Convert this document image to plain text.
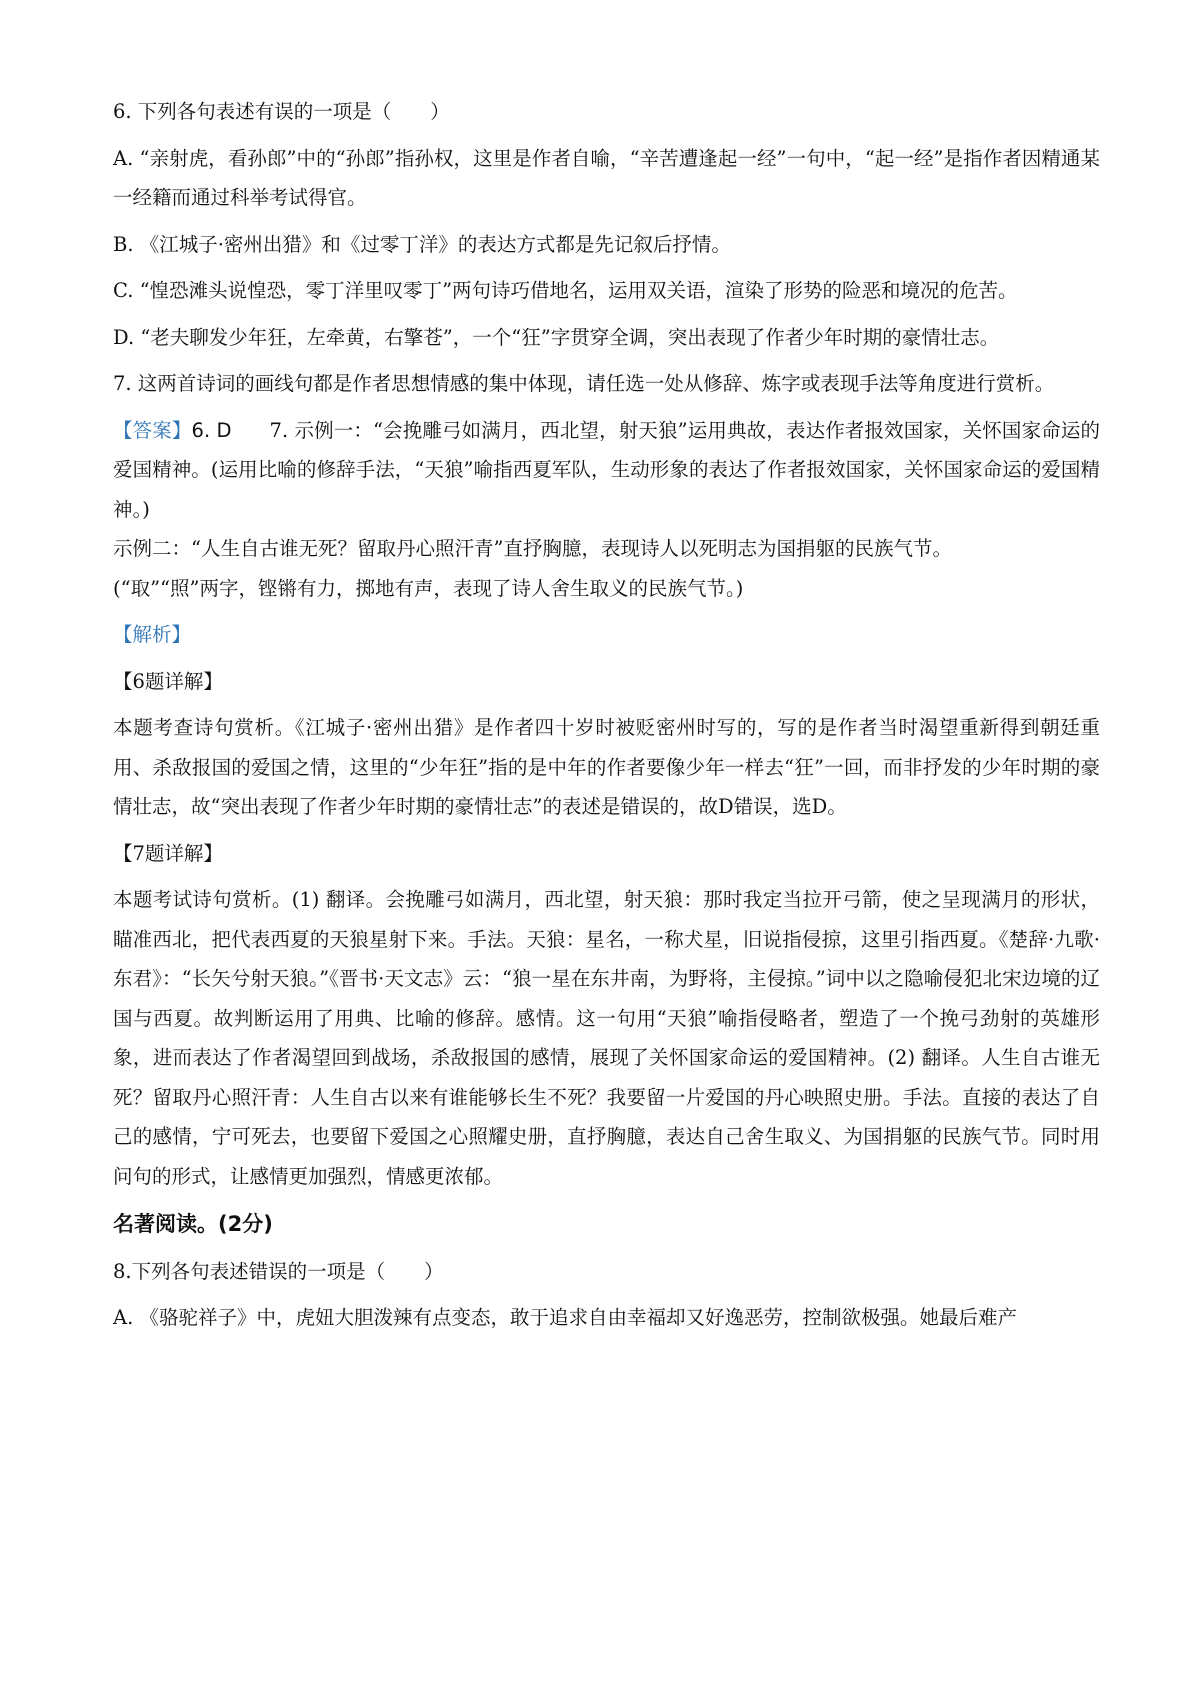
6. 下列各句表述有误的一项是（　　）

A. “亲射虎，看孙郎”中的“孙郎”指孙权，这里是作者自喻，“辛苦遭逢起一经”一句中，“起一经”是指作者因精通某一经籍而通过科举考试得官。

B. 《江城子·密州出猎》和《过零丁洋》的表达方式都是先记叙后抒情。

C. “惶恐滩头说惶恐，零丁洋里叹零丁”两句诗巧借地名，运用双关语，渲染了形势的险恶和境况的危苦。

D. “老夫聊发少年狂，左牵黄，右擎苍”，一个“狂”字贯穿全调，突出表现了作者少年时期的豪情壮志。

7. 这两首诗词的画线句都是作者思想情感的集中体现，请任选一处从修辞、炼字或表现手法等角度进行赏析。

【答案】6. D 7. 示例一：“会挽雕弓如满月，西北望，射天狼”运用典故，表达作者报效国家，关怀国家命运的爱国精神。(运用比喻的修辞手法，“天狼”喻指西夏军队，生动形象的表达了作者报效国家，关怀国家命运的爱国精神。)

示例二：“人生自古谁无死？留取丹心照汗青”直抒胸臆，表现诗人以死明志为国捐躯的民族气节。

(“取”“照”两字，铿锵有力，掷地有声，表现了诗人舍生取义的民族气节。)

【解析】

【6题详解】

本题考查诗句赏析。《江城子·密州出猎》是作者四十岁时被贬密州时写的，写的是作者当时渴望重新得到朝廷重用、杀敌报国的爱国之情，这里的“少年狂”指的是中年的作者要像少年一样去“狂”一回，而非抒发的少年时期的豪情壮志，故“突出表现了作者少年时期的豪情壮志”的表述是错误的，故D错误，选D。

【7题详解】

本题考试诗句赏析。(1) 翻译。会挽雕弓如满月，西北望，射天狼：那时我定当拉开弓箭，使之呈现满月的形状，瞄准西北，把代表西夏的天狼星射下来。手法。天狼：星名，一称犬星，旧说指侵掠，这里引指西夏。《楚辞·九歌·东君》：“长矢兮射天狼。”《晋书·天文志》云：“狼一星在东井南，为野将，主侵掠。”词中以之隐喻侵犯北宋边境的辽国与西夏。故判断运用了用典、比喻的修辞。感情。这一句用“天狼”喻指侵略者，塑造了一个挽弓劲射的英雄形象，进而表达了作者渴望回到战场，杀敌报国的感情，展现了关怀国家命运的爱国精神。(2) 翻译。人生自古谁无死？留取丹心照汗青：人生自古以来有谁能够长生不死？我要留一片爱国的丹心映照史册。手法。直接的表达了自己的感情，宁可死去，也要留下爱国之心照耀史册，直抒胸臆，表达自己舍生取义、为国捐躯的民族气节。同时用问句的形式，让感情更加强烈，情感更浓郁。

名著阅读。(2分)

8.下列各句表述错误的一项是（　　）

A. 《骆驼祥子》中，虎妞大胆泼辣有点变态，敢于追求自由幸福却又好逸恶劳，控制欲极强。她最后难产
